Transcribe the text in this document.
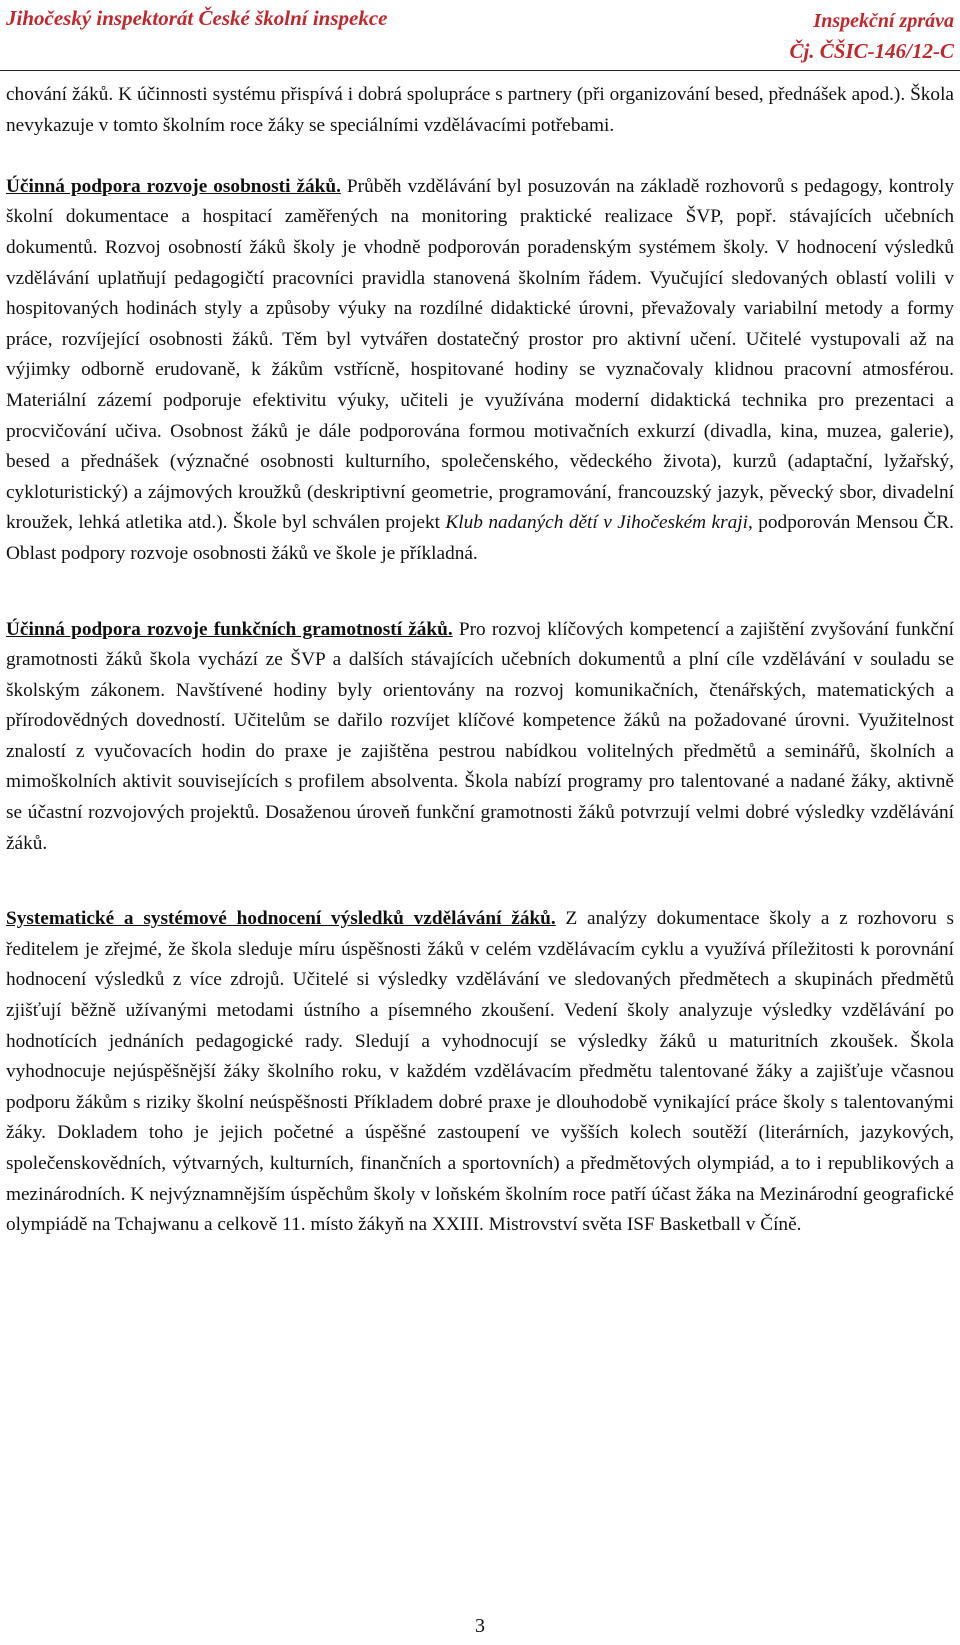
Jihočeský inspektorát České školní inspekce	Inspekční zpráva
Čj. ČŠIC-146/12-C

chování žáků. K účinnosti systému přispívá i dobrá spolupráce s partnery (při organizování besed, přednášek apod.). Škola nevykazuje v tomto školním roce žáky se speciálními vzdělávacími potřebami.

Účinná podpora rozvoje osobnosti žáků. Průběh vzdělávání byl posuzován na základě rozhovorů s pedagogy, kontroly školní dokumentace a hospitací zaměřených na monitoring praktické realizace ŠVP, popř. stávajících učebních dokumentů. Rozvoj osobností žáků školy je vhodně podporován poradenským systémem školy. V hodnocení výsledků vzdělávání uplatňují pedagogičtí pracovníci pravidla stanovená školním řádem. Vyučující sledovaných oblastí volili v hospitovaných hodinách styly a způsoby výuky na rozdílné didaktické úrovni, převažovaly variabilní metody a formy práce, rozvíjející osobnosti žáků. Těm byl vytvářen dostatečný prostor pro aktivní učení. Učitelé vystupovali až na výjimky odborně erudovaně, k žákům vstřícně, hospitované hodiny se vyznačovaly klidnou pracovní atmosférou. Materiální zázemí podporuje efektivitu výuky, učiteli je využívána moderní didaktická technika pro prezentaci a procvičování učiva. Osobnost žáků je dále podporována formou motivačních exkurzí (divadla, kina, muzea, galerie), besed a přednášek (význačné osobnosti kulturního, společenského, vědeckého života), kurzů (adaptační, lyžařský, cykloturistický) a zájmových kroužků (deskriptivní geometrie, programování, francouzský jazyk, pěvecký sbor, divadelní kroužek, lehká atletika atd.). Škole byl schválen projekt Klub nadaných dětí v Jihočeském kraji, podporován Mensou ČR. Oblast podpory rozvoje osobnosti žáků ve škole je příkladná.

Účinná podpora rozvoje funkčních gramotností žáků. Pro rozvoj klíčových kompetencí a zajištění zvyšování funkční gramotnosti žáků škola vychází ze ŠVP a dalších stávajících učebních dokumentů a plní cíle vzdělávání v souladu se školským zákonem. Navštívené hodiny byly orientovány na rozvoj komunikačních, čtenářských, matematických a přírodovědných dovedností. Učitelům se dařilo rozvíjet klíčové kompetence žáků na požadované úrovni. Využitelnost znalostí z vyučovacích hodin do praxe je zajištěna pestrou nabídkou volitelných předmětů a seminářů, školních a mimoškolních aktivit souvisejících s profilem absolventa. Škola nabízí programy pro talentované a nadané žáky, aktivně se účastní rozvojových projektů. Dosaženou úroveň funkční gramotnosti žáků potvrzují velmi dobré výsledky vzdělávání žáků.

Systematické a systémové hodnocení výsledků vzdělávání žáků. Z analýzy dokumentace školy a z rozhovoru s ředitelem je zřejmé, že škola sleduje míru úspěšnosti žáků v celém vzdělávacím cyklu a využívá příležitosti k porovnání hodnocení výsledků z více zdrojů. Učitelé si výsledky vzdělávání ve sledovaných předmětech a skupinách předmětů zjišťují běžně užívanými metodami ústního a písemného zkoušení. Vedení školy analyzuje výsledky vzdělávání po hodnotících jednáních pedagogické rady. Sledují a vyhodnocují se výsledky žáků u maturitních zkoušek. Škola vyhodnocuje nejúspěšnější žáky školního roku, v každém vzdělávacím předmětu talentované žáky a zajišťuje včasnou podporu žákům s riziky školní neúspěšnosti Příkladem dobré praxe je dlouhodobě vynikající práce školy s talentovanými žáky. Dokladem toho je jejich početné a úspěšné zastoupení ve vyšších kolech soutěží (literárních, jazykových, společenskovědních, výtvarných, kulturních, finančních a sportovních) a předmětových olympiád, a to i republikových a mezinárodních. K nejvýznamnějším úspěchům školy v loňském školním roce patří účast žáka na Mezinárodní geografické olympiádě na Tchajwanu a celkově 11. místo žákyň na XXIII. Mistrovství světa ISF Basketball v Číně.

3
